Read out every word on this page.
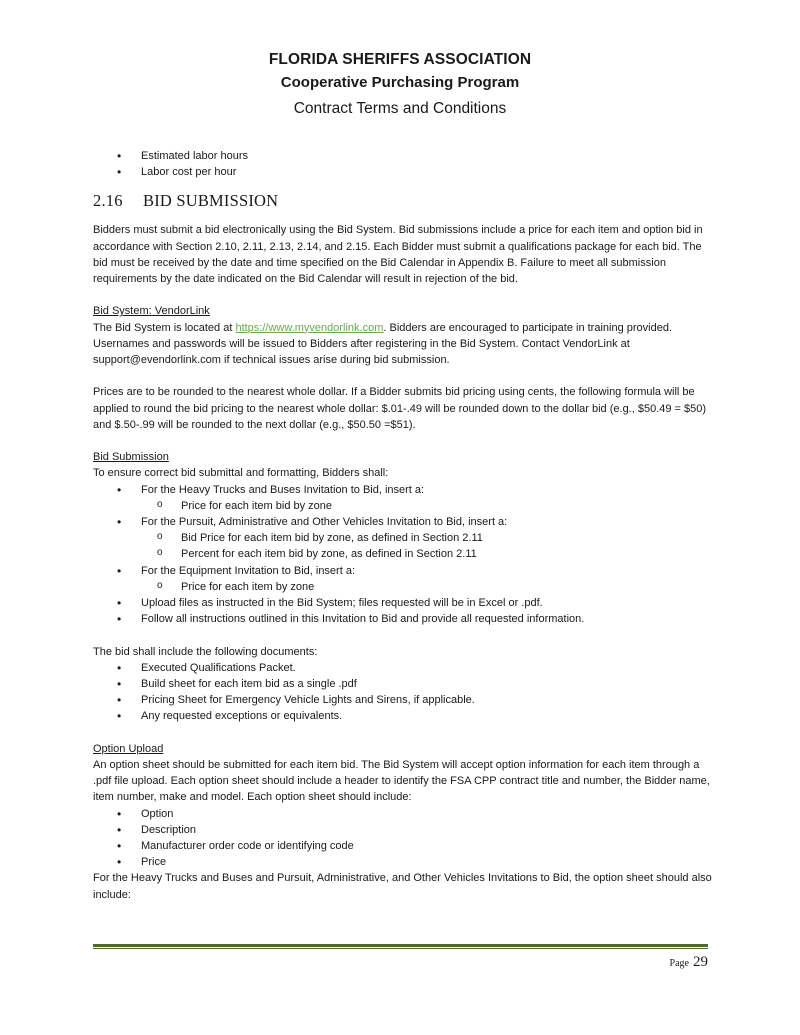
FLORIDA SHERIFFS ASSOCIATION
Cooperative Purchasing Program
Contract Terms and Conditions
• Estimated labor hours
• Labor cost per hour
2.16 BID SUBMISSION

Bidders must submit a bid electronically using the Bid System. Bid submissions include a price for each item and option bid in accordance with Section 2.10, 2.11, 2.13, 2.14, and 2.15. Each Bidder must submit a qualifications package for each bid. The bid must be received by the date and time specified on the Bid Calendar in Appendix B. Failure to meet all submission requirements by the date indicated on the Bid Calendar will result in rejection of the bid.

Bid System: VendorLink

The Bid System is located at https://www.myvendorlink.com. Bidders are encouraged to participate in training provided. Usernames and passwords will be issued to Bidders after registering in the Bid System. Contact VendorLink at support@evendorlink.com if technical issues arise during bid submission.

Prices are to be rounded to the nearest whole dollar. If a Bidder submits bid pricing using cents, the following formula will be applied to round the bid pricing to the nearest whole dollar: $.01-.49 will be rounded down to the dollar bid (e.g., $50.49 = $50) and $.50-.99 will be rounded to the next dollar (e.g., $50.50 =$51).

Bid Submission

To ensure correct bid submittal and formatting, Bidders shall:

• For the Heavy Trucks and Buses Invitation to Bid, insert a:
o Price for each item bid by zone
• For the Pursuit, Administrative and Other Vehicles Invitation to Bid, insert a:
o Bid Price for each item bid by zone, as defined in Section 2.11
o Percent for each item bid by zone, as defined in Section 2.11
• For the Equipment Invitation to Bid, insert a:
o Price for each item by zone
• Upload files as instructed in the Bid System; files requested will be in Excel or .pdf.
• Follow all instructions outlined in this Invitation to Bid and provide all requested information.

The bid shall include the following documents:

• Executed Qualifications Packet.
• Build sheet for each item bid as a single .pdf
• Pricing Sheet for Emergency Vehicle Lights and Sirens, if applicable.
• Any requested exceptions or equivalents.

Option Upload

An option sheet should be submitted for each item bid. The Bid System will accept option information for each item through a .pdf file upload. Each option sheet should include a header to identify the FSA CPP contract title and number, the Bidder name, item number, make and model. Each option sheet should include:

• Option
• Description
• Manufacturer order code or identifying code
• Price

For the Heavy Trucks and Buses and Pursuit, Administrative, and Other Vehicles Invitations to Bid, the option sheet should also include:

Page 29
